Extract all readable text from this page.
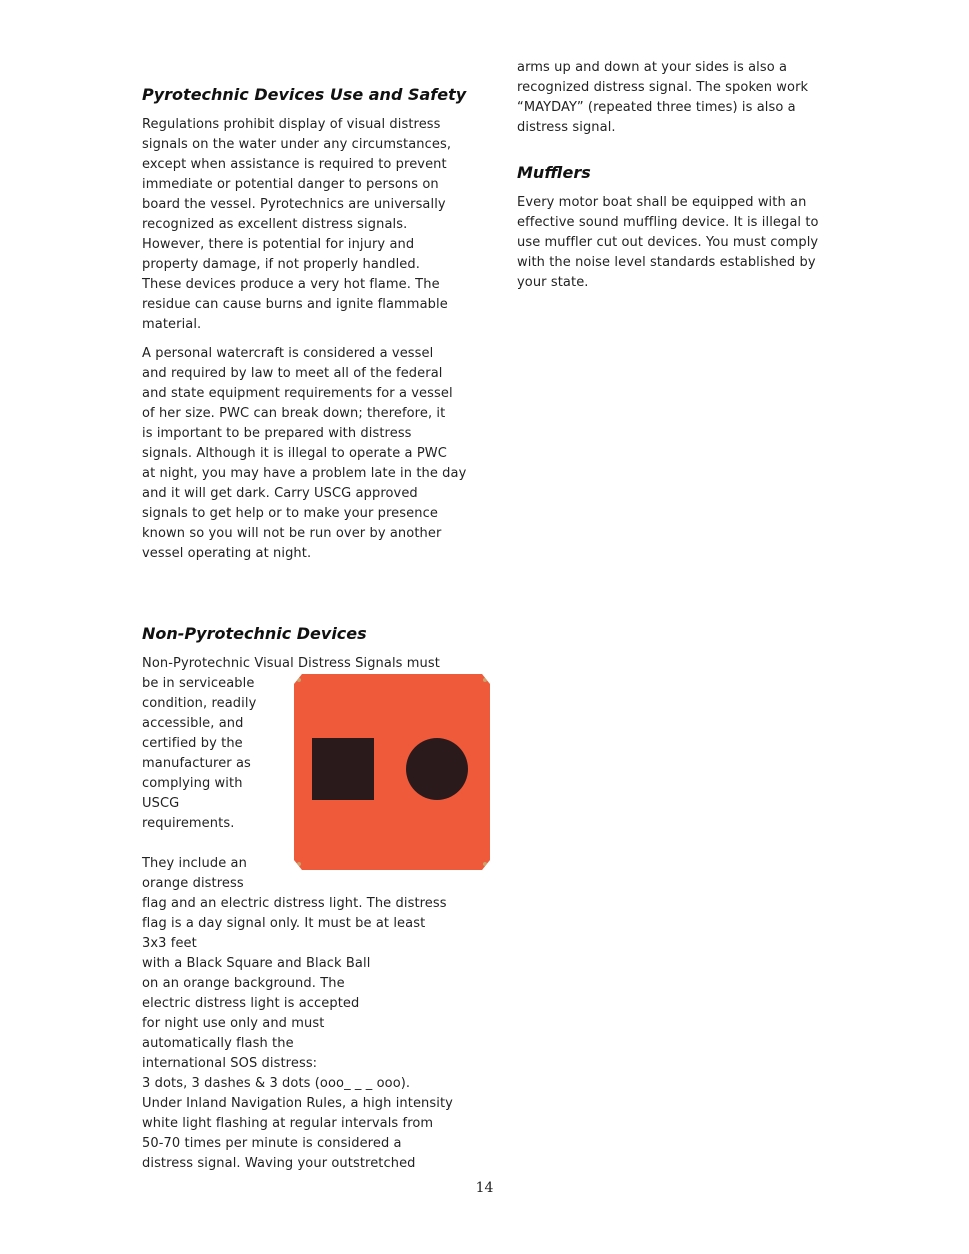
Pyrotechnic Devices Use and Safety

Regulations prohibit display of visual distress
signals on the water under any circumstances,
except when assistance is required to prevent
immediate or potential danger to persons on
board the vessel. Pyrotechnics are universally
recognized as excellent distress signals.
However, there is potential for injury and
property damage, if not properly handled.
These devices produce a very hot flame. The
residue can cause burns and ignite flammable
material.

A personal watercraft is considered a vessel
and required by law to meet all of the federal
and state equipment requirements for a vessel
of her size. PWC can break down; therefore, it
is important to be prepared with distress
signals. Although it is illegal to operate a PWC
at night, you may have a problem late in the day
and it will get dark. Carry USCG approved
signals to get help or to make your presence
known so you will not be run over by another
vessel operating at night.

Non-Pyrotechnic Devices

Non-Pyrotechnic Visual Distress Signals must
be in serviceable
condition, readily
accessible, and
certified by the
manufacturer as
complying with
USCG
requirements.

They include an
orange distress
flag and an electric distress light. The distress
flag is a day signal only. It must be at least
3x3 feet
with a Black Square and Black Ball
on an orange background. The
electric distress light is accepted
for night use only and must
automatically flash the
international SOS distress:
3 dots, 3 dashes & 3 dots (ooo_ _ _ ooo).
Under Inland Navigation Rules, a high intensity
white light flashing at regular intervals from
50-70 times per minute is considered a
distress signal. Waving your outstretched

arms up and down at your sides is also a
recognized distress signal. The spoken work
“MAYDAY” (repeated three times) is also a
distress signal.

Mufflers

Every motor boat shall be equipped with an
effective sound muffling device. It is illegal to
use muffler cut out devices. You must comply
with the noise level standards established by
your state.

14
